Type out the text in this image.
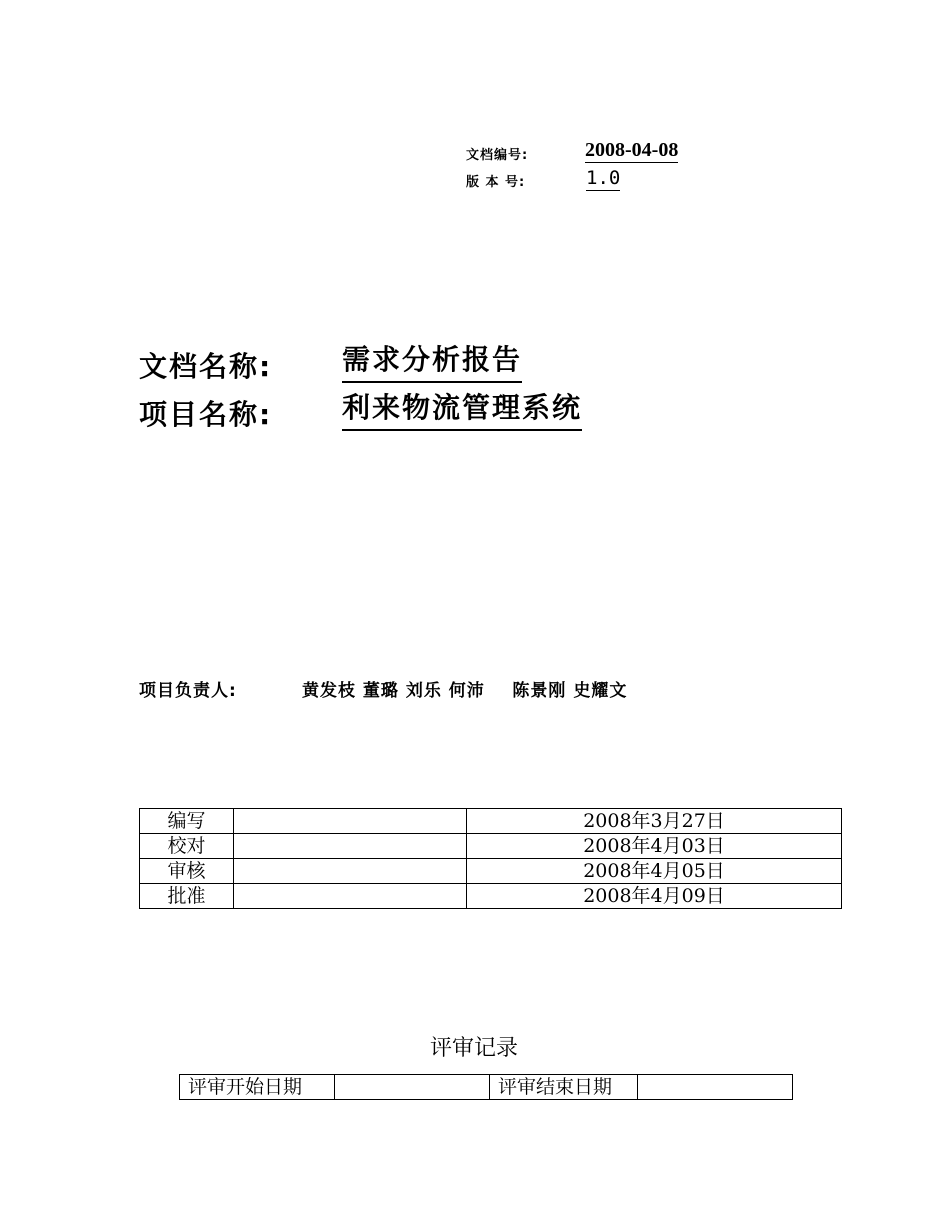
文档编号:	2008-04-08
版 本 号:	1.0
文档名称: 需求分析报告
项目名称: 利来物流管理系统
项目负责人:	黄发枝 董璐 刘乐 何沛    陈景刚 史耀文
编写		2008年3月27日
校对		2008年4月03日
审核		2008年4月05日
批准		2008年4月09日
评审记录
评审开始日期		评审结束日期	
